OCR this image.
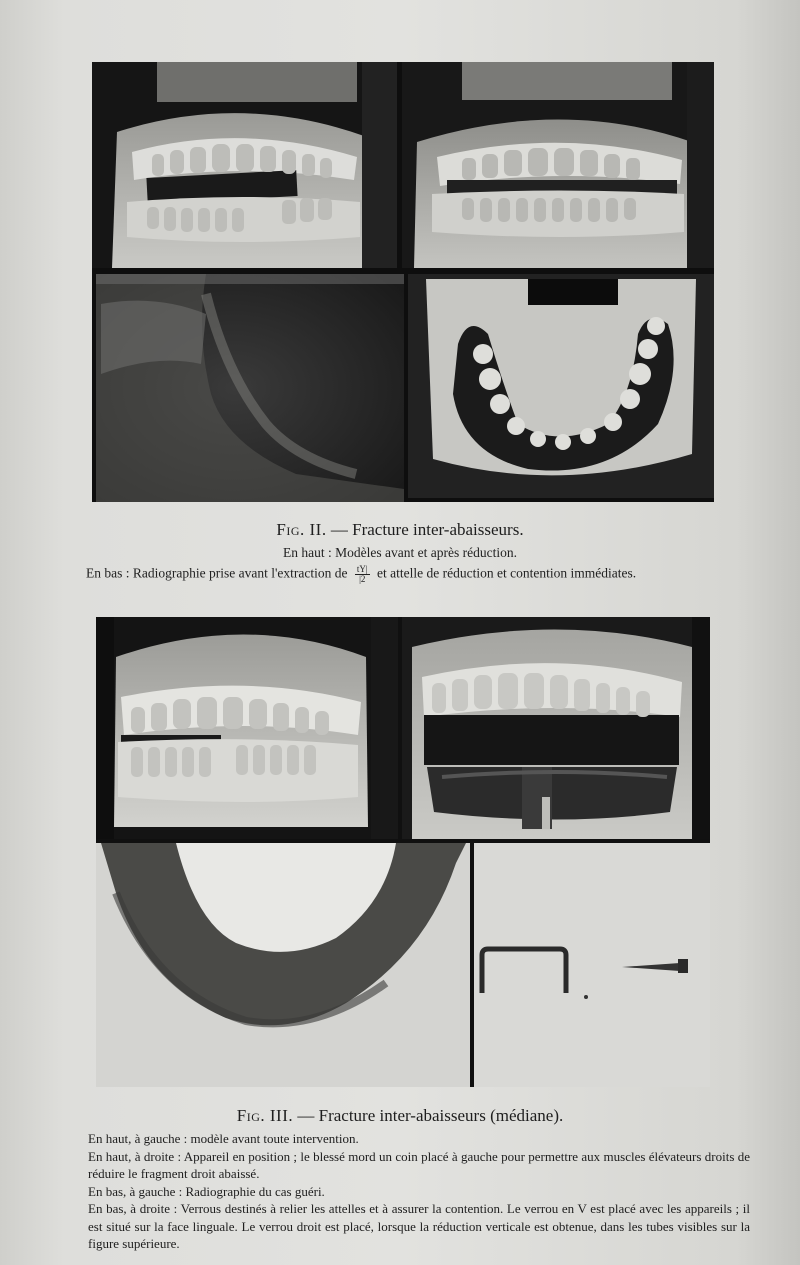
Fig. II. — Fracture inter-abaisseurs.
En haut : Modèles avant et après réduction.
En bas : Radiographie prise avant l'extraction de $\frac{tY|}{|2}$ et attelle de réduction et contention immédiates.
Fig. III. — Fracture inter-abaisseurs (médiane).

En haut, à gauche : modèle avant toute intervention.

En haut, à droite : Appareil en position ; le blessé mord un coin placé à gauche pour permettre aux muscles élévateurs droits de réduire le fragment droit abaissé.

En bas, à gauche : Radiographie du cas guéri.

En bas, à droite : Verrous destinés à relier les attelles et à assurer la contention. Le verrou en V est placé avec les appareils ; il est situé sur la face linguale. Le verrou droit est placé, lorsque la réduction verticale est obtenue, dans les tubes visibles sur la figure supérieure.
